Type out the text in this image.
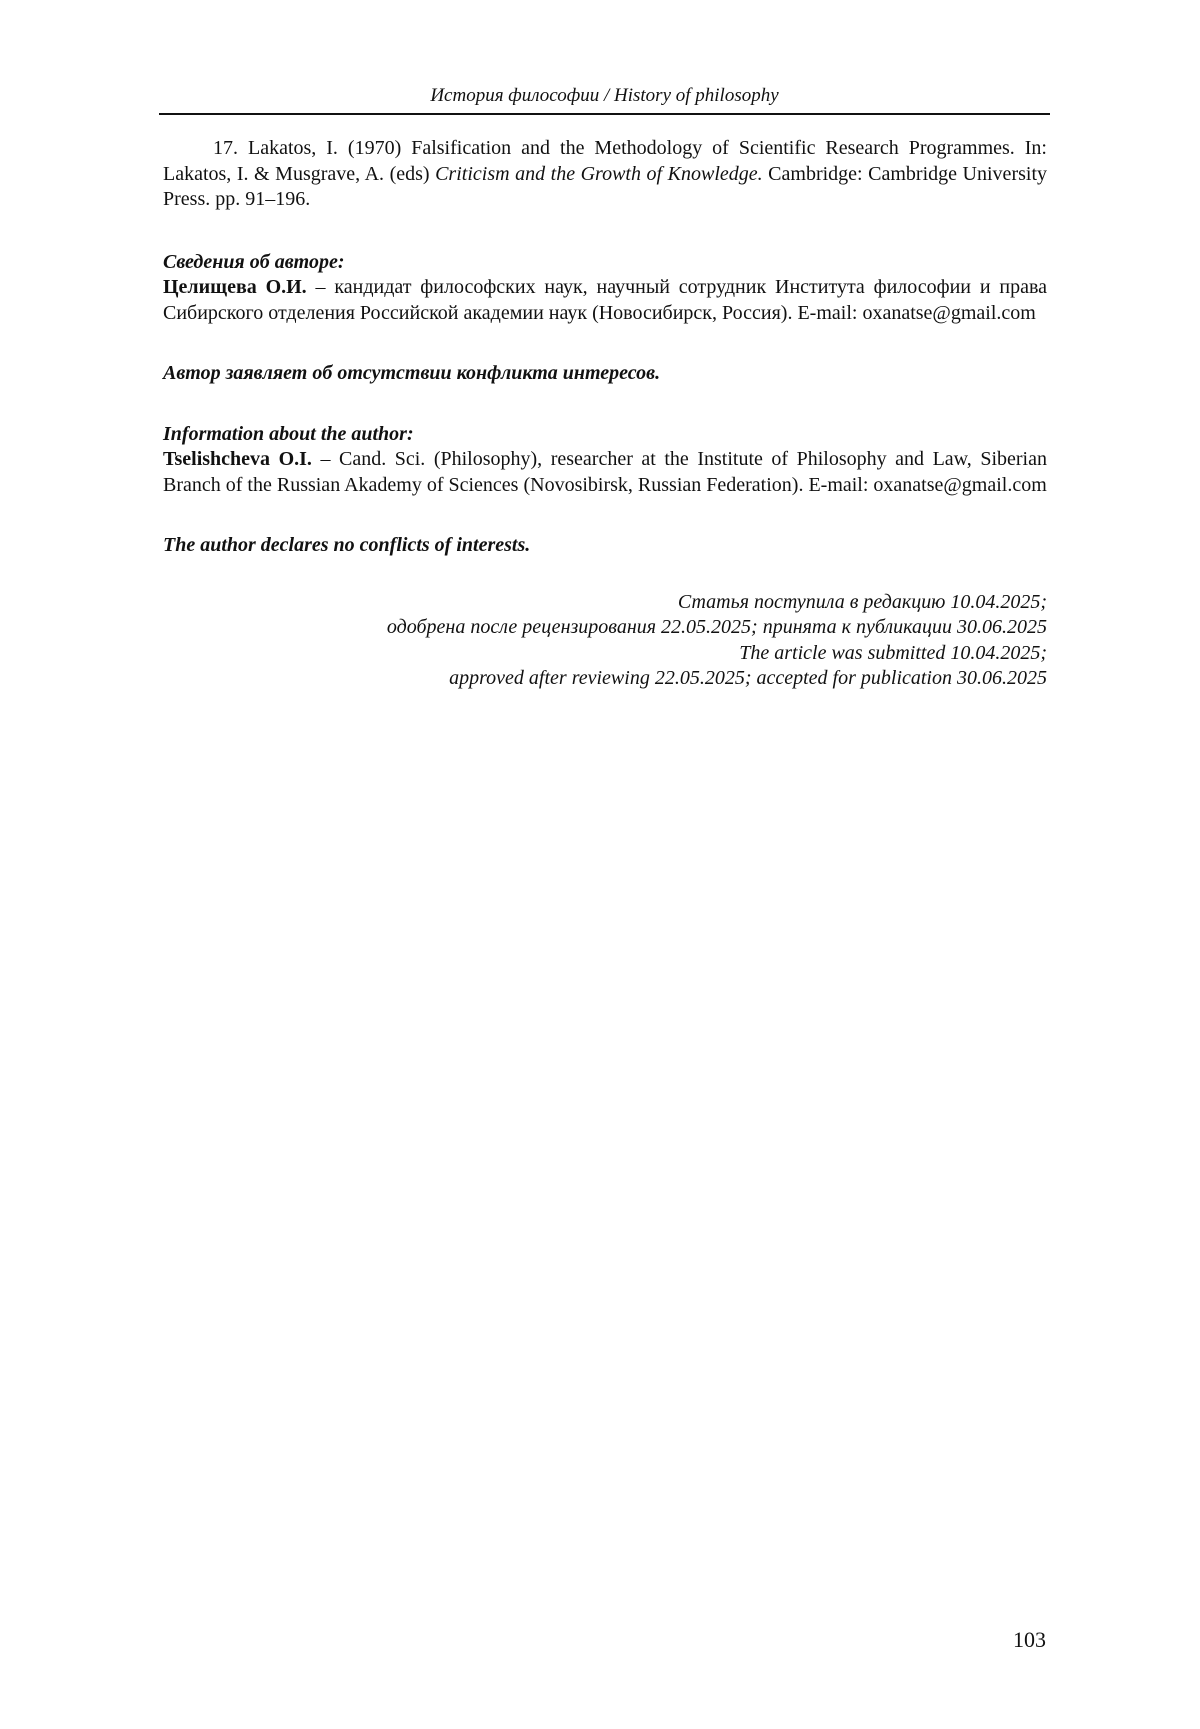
История философии / History of philosophy

17. Lakatos, I. (1970) Falsification and the Methodology of Scientific Research Programmes. In: Lakatos, I. & Musgrave, A. (eds) Criticism and the Growth of Knowledge. Cambridge: Cambridge University Press. pp. 91–196.

Сведения об авторе:

Целищева О.И. – кандидат философских наук, научный сотрудник Института философии и права Сибирского отделения Российской академии наук (Новосибирск, Россия). E-mail: oxanatse@gmail.com

Автор заявляет об отсутствии конфликта интересов.

Information about the author:

Tselishcheva O.I. – Cand. Sci. (Philosophy), researcher at the Institute of Philosophy and Law, Siberian Branch of the Russian Akademy of Sciences (Novosibirsk, Russian Federation). E-mail: oxanatse@gmail.com

The author declares no conflicts of interests.

Статья поступила в редакцию 10.04.2025;

одобрена после рецензирования 22.05.2025; принята к публикации 30.06.2025

The article was submitted 10.04.2025;

approved after reviewing 22.05.2025; accepted for publication 30.06.2025

103
